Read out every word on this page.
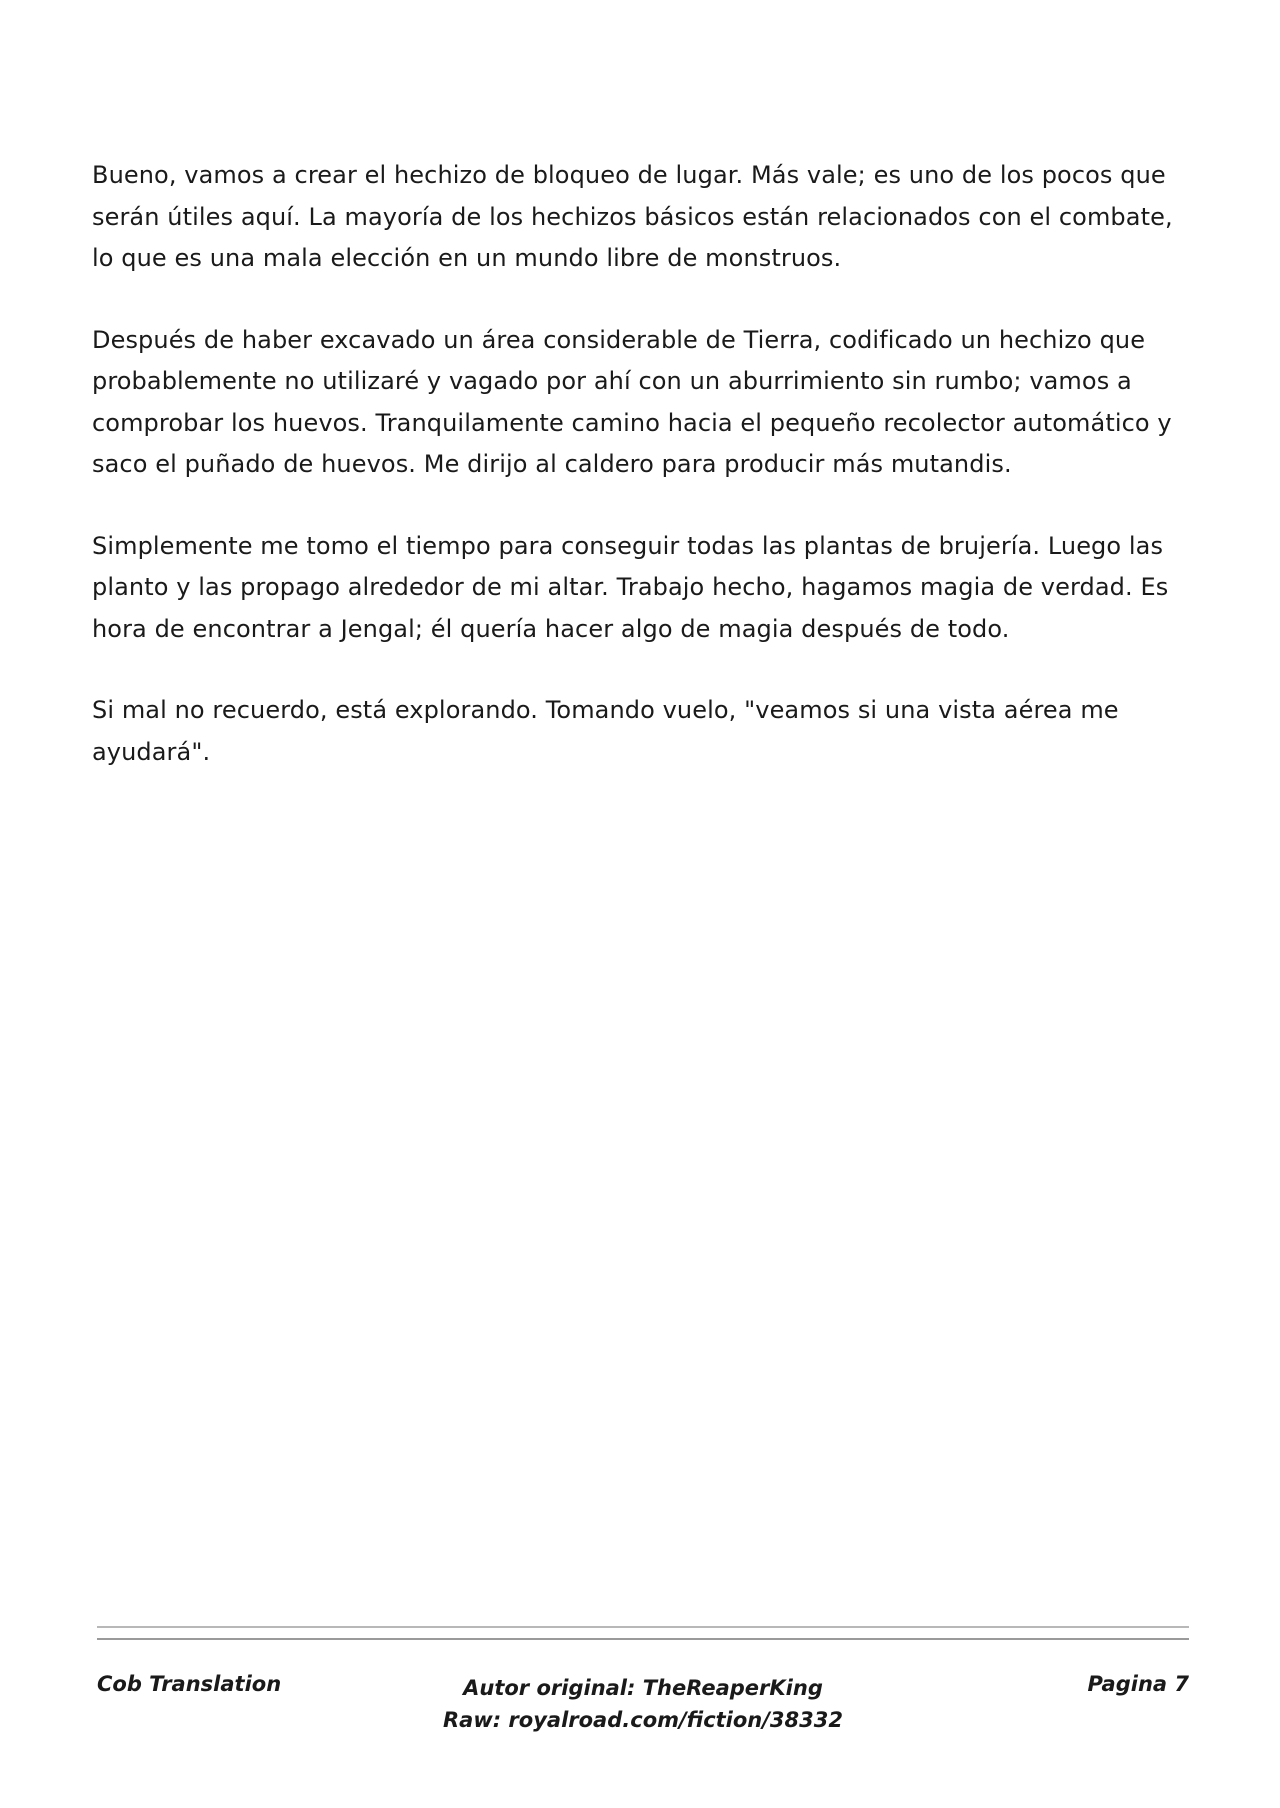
Bueno, vamos a crear el hechizo de bloqueo de lugar. Más vale; es uno de los pocos que serán útiles aquí. La mayoría de los hechizos básicos están relacionados con el combate, lo que es una mala elección en un mundo libre de monstruos.

Después de haber excavado un área considerable de Tierra, codificado un hechizo que probablemente no utilizaré y vagado por ahí con un aburrimiento sin rumbo; vamos a comprobar los huevos. Tranquilamente camino hacia el pequeño recolector automático y saco el puñado de huevos. Me dirijo al caldero para producir más mutandis.

Simplemente me tomo el tiempo para conseguir todas las plantas de brujería. Luego las planto y las propago alrededor de mi altar. Trabajo hecho, hagamos magia de verdad. Es hora de encontrar a Jengal; él quería hacer algo de magia después de todo.

Si mal no recuerdo, está explorando. Tomando vuelo, "veamos si una vista aérea me ayudará".

Cob Translation	Autor original: TheReaperKing
Raw: royalroad.com/fiction/38332
Pagina 7
